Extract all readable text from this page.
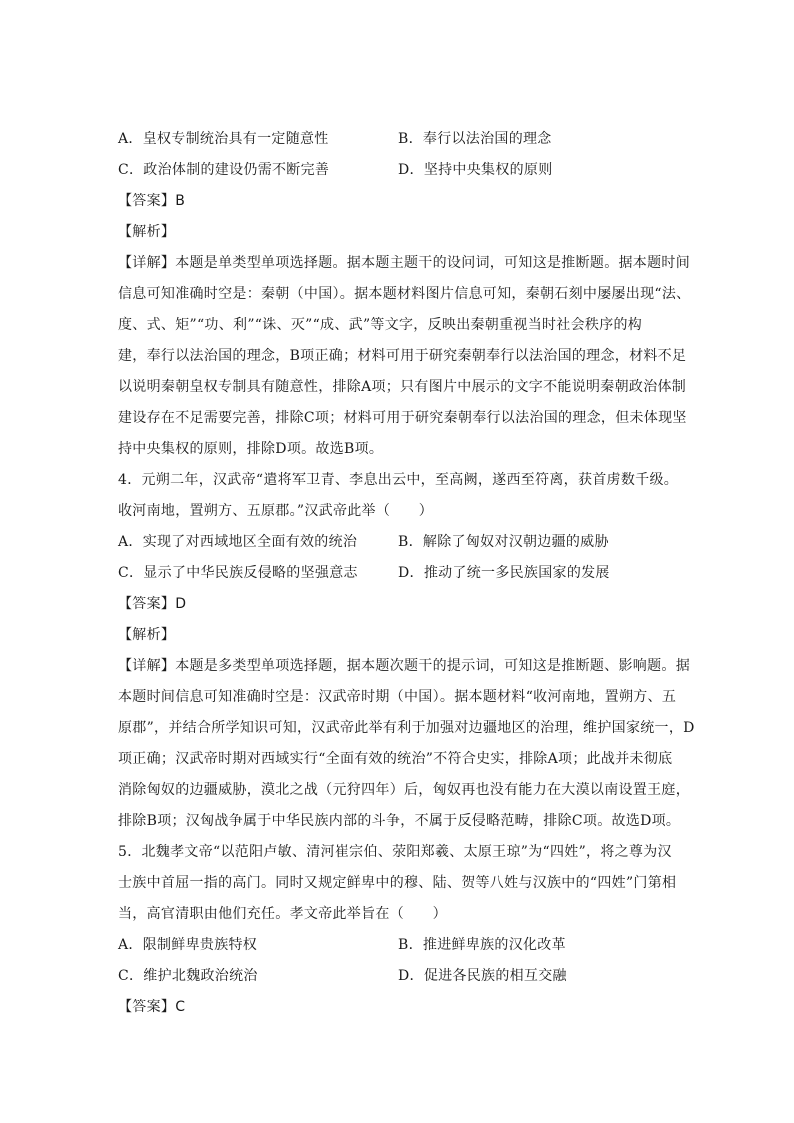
A．皇权专制统治具有一定随意性	B．奉行以法治国的理念
C．政治体制的建设仍需不断完善	D．坚持中央集权的原则
【答案】B
【解析】
【详解】本题是单类型单项选择题。据本题主题干的设问词，可知这是推断题。据本题时间
信息可知准确时空是：秦朝（中国）。据本题材料图片信息可知，秦朝石刻中屡屡出现“法、
度、式、矩”“功、利”“诛、灭”“成、武”等文字，反映出秦朝重视当时社会秩序的构
建，奉行以法治国的理念，B项正确；材料可用于研究秦朝奉行以法治国的理念，材料不足
以说明秦朝皇权专制具有随意性，排除A项；只有图片中展示的文字不能说明秦朝政治体制
建设存在不足需要完善，排除C项；材料可用于研究秦朝奉行以法治国的理念，但未体现坚
持中央集权的原则，排除D项。故选B项。
4．元朔二年，汉武帝“遣将军卫青、李息出云中，至高阙，遂西至符离，获首虏数千级。
收河南地，置朔方、五原郡。”汉武帝此举（　　）
A．实现了对西域地区全面有效的统治	B．解除了匈奴对汉朝边疆的威胁
C．显示了中华民族反侵略的坚强意志	D．推动了统一多民族国家的发展
【答案】D
【解析】
【详解】本题是多类型单项选择题，据本题次题干的提示词，可知这是推断题、影响题。据
本题时间信息可知准确时空是：汉武帝时期（中国）。据本题材料“收河南地，置朔方、五
原郡”，并结合所学知识可知，汉武帝此举有利于加强对边疆地区的治理，维护国家统一，D
项正确；汉武帝时期对西域实行“全面有效的统治”不符合史实，排除A项；此战并未彻底
消除匈奴的边疆威胁，漠北之战（元狩四年）后，匈奴再也没有能力在大漠以南设置王庭，
排除B项；汉匈战争属于中华民族内部的斗争，不属于反侵略范畴，排除C项。故选D项。
5．北魏孝文帝“以范阳卢敏、清河崔宗伯、荥阳郑羲、太原王琼”为“四姓”，将之尊为汉
士族中首屈一指的高门。同时又规定鲜卑中的穆、陆、贺等八姓与汉族中的“四姓”门第相
当，高官清职由他们充任。孝文帝此举旨在（　　）
A．限制鲜卑贵族特权	B．推进鲜卑族的汉化改革
C．维护北魏政治统治	D．促进各民族的相互交融
【答案】C
